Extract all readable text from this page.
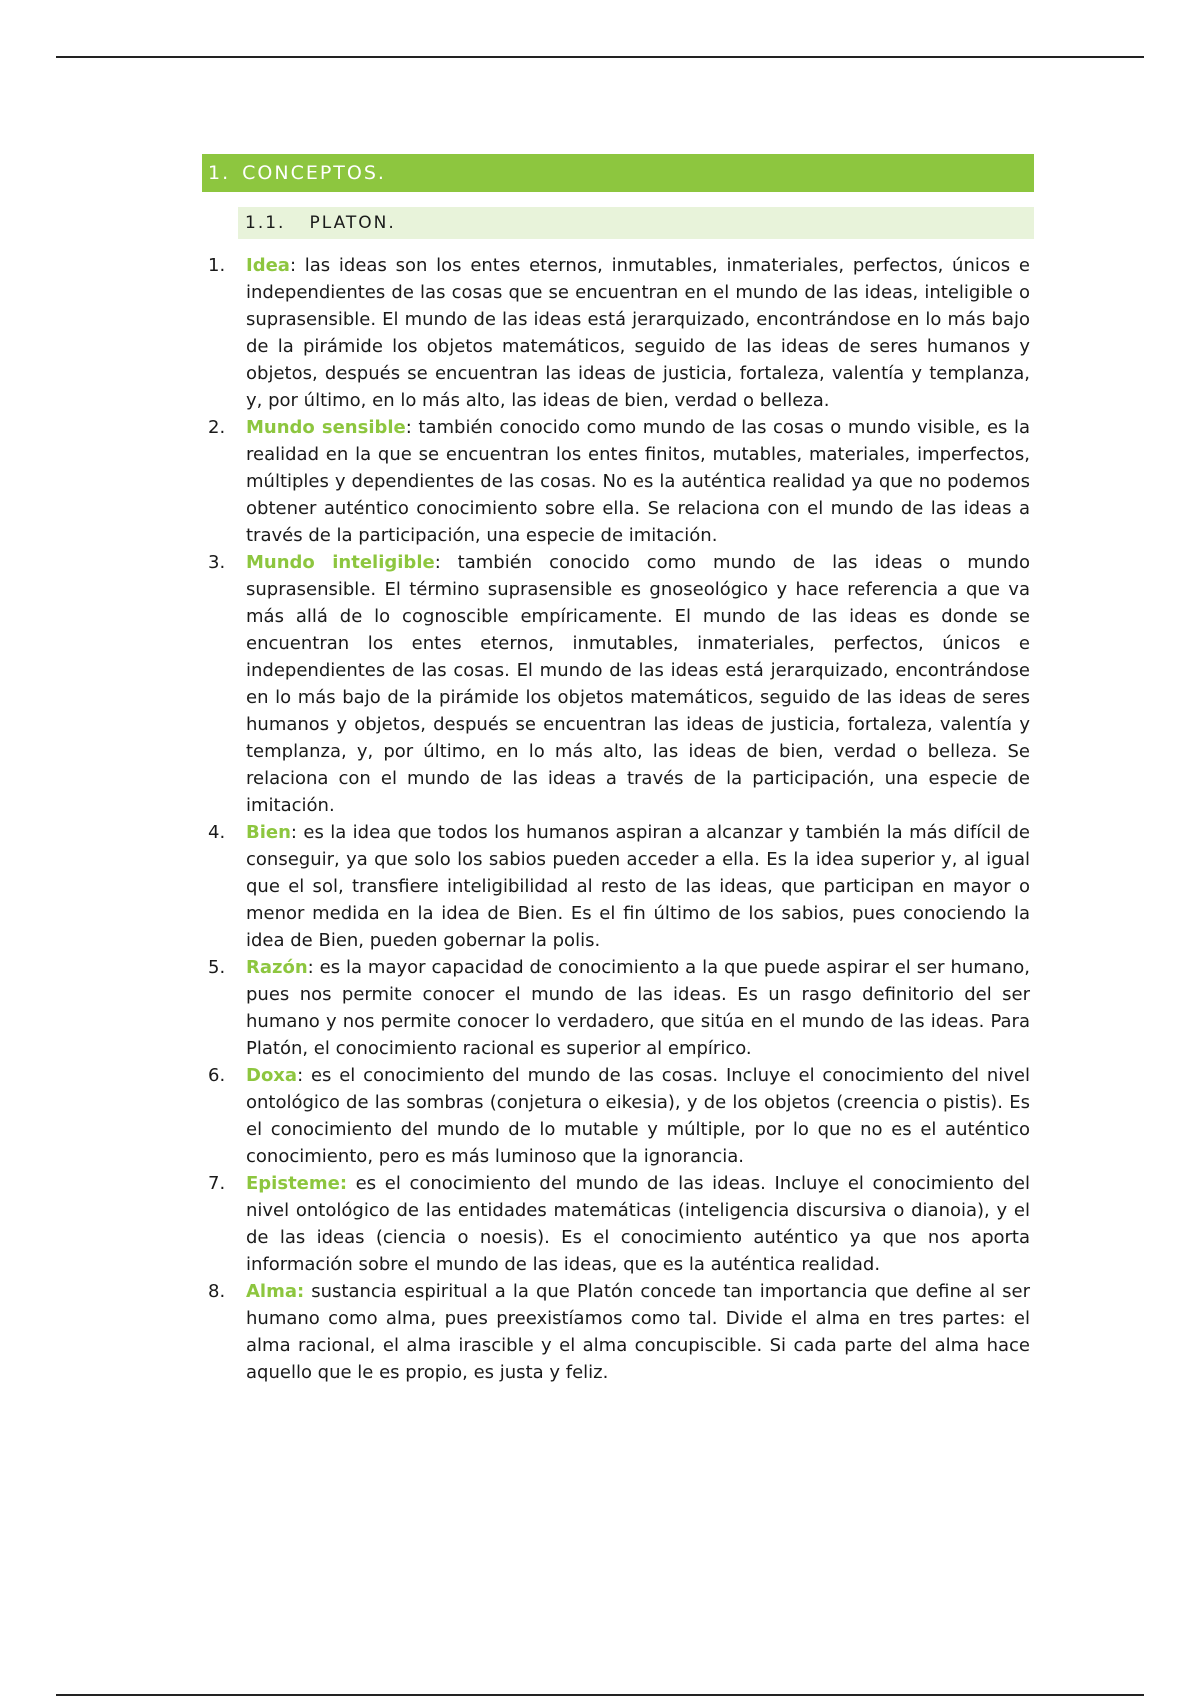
1. CONCEPTOS.
1.1. PLATON.
1. Idea: las ideas son los entes eternos, inmutables, inmateriales, perfectos, únicos e independientes de las cosas que se encuentran en el mundo de las ideas, inteligible o suprasensible. El mundo de las ideas está jerarquizado, encontrándose en lo más bajo de la pirámide los objetos matemáticos, seguido de las ideas de seres humanos y objetos, después se encuentran las ideas de justicia, fortaleza, valentía y templanza, y, por último, en lo más alto, las ideas de bien, verdad o belleza.
2. Mundo sensible: también conocido como mundo de las cosas o mundo visible, es la realidad en la que se encuentran los entes finitos, mutables, materiales, imperfectos, múltiples y dependientes de las cosas. No es la auténtica realidad ya que no podemos obtener auténtico conocimiento sobre ella. Se relaciona con el mundo de las ideas a través de la participación, una especie de imitación.
3. Mundo inteligible: también conocido como mundo de las ideas o mundo suprasensible. El término suprasensible es gnoseológico y hace referencia a que va más allá de lo cognoscible empíricamente. El mundo de las ideas es donde se encuentran los entes eternos, inmutables, inmateriales, perfectos, únicos e independientes de las cosas. El mundo de las ideas está jerarquizado, encontrándose en lo más bajo de la pirámide los objetos matemáticos, seguido de las ideas de seres humanos y objetos, después se encuentran las ideas de justicia, fortaleza, valentía y templanza, y, por último, en lo más alto, las ideas de bien, verdad o belleza. Se relaciona con el mundo de las ideas a través de la participación, una especie de imitación.
4. Bien: es la idea que todos los humanos aspiran a alcanzar y también la más difícil de conseguir, ya que solo los sabios pueden acceder a ella. Es la idea superior y, al igual que el sol, transfiere inteligibilidad al resto de las ideas, que participan en mayor o menor medida en la idea de Bien. Es el fin último de los sabios, pues conociendo la idea de Bien, pueden gobernar la polis.
5. Razón: es la mayor capacidad de conocimiento a la que puede aspirar el ser humano, pues nos permite conocer el mundo de las ideas. Es un rasgo definitorio del ser humano y nos permite conocer lo verdadero, que sitúa en el mundo de las ideas. Para Platón, el conocimiento racional es superior al empírico.
6. Doxa: es el conocimiento del mundo de las cosas. Incluye el conocimiento del nivel ontológico de las sombras (conjetura o eikesia), y de los objetos (creencia o pistis). Es el conocimiento del mundo de lo mutable y múltiple, por lo que no es el auténtico conocimiento, pero es más luminoso que la ignorancia.
7. Episteme: es el conocimiento del mundo de las ideas. Incluye el conocimiento del nivel ontológico de las entidades matemáticas (inteligencia discursiva o dianoia), y el de las ideas (ciencia o noesis). Es el conocimiento auténtico ya que nos aporta información sobre el mundo de las ideas, que es la auténtica realidad.
8. Alma: sustancia espiritual a la que Platón concede tan importancia que define al ser humano como alma, pues preexistíamos como tal. Divide el alma en tres partes: el alma racional, el alma irascible y el alma concupiscible. Si cada parte del alma hace aquello que le es propio, es justa y feliz.
